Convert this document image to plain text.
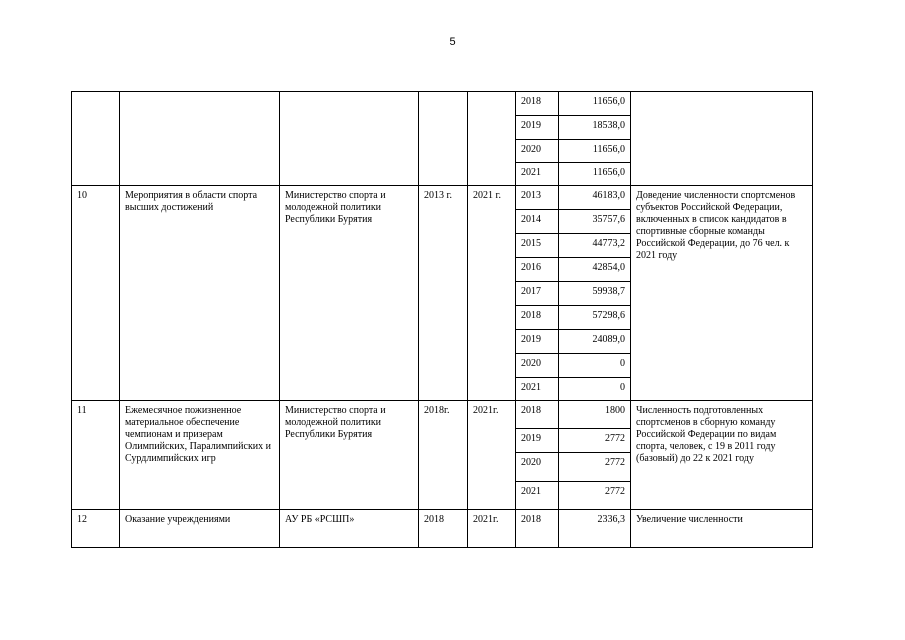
5
					2018	11656,0	
					2019	18538,0	
					2020	11656,0	
					2021	11656,0	
10	Мероприятия в области спорта высших достижений	Министерство спорта и молодежной политики Республики Бурятия	2013 г.	2021 г.	2013	46183,0	Доведение численности спортсменов субъектов Российской Федерации, включенных в список кандидатов в спортивные сборные команды Российской Федерации, до 76 чел. к 2021 году
					2014	35757,6	
					2015	44773,2	
					2016	42854,0	
					2017	59938,7	
					2018	57298,6	
					2019	24089,0	
					2020	0	
					2021	0	
11	Ежемесячное пожизненное материальное обеспечение чемпионам и призерам Олимпийских, Паралимпийских и Сурдлимпийских игр	Министерство спорта и молодежной политики Республики Бурятия	2018г.	2021г.	2018	1800	Численность подготовленных спортсменов в сборную команду Российской Федерации по видам спорта, человек, с 19 в 2011 году (базовый) до 22 к 2021 году
					2019	2772	
					2020	2772	
					2021	2772	
12	Оказание учреждениями	АУ РБ «РСШП»	2018	2021г.	2018	2336,3	Увеличение численности
